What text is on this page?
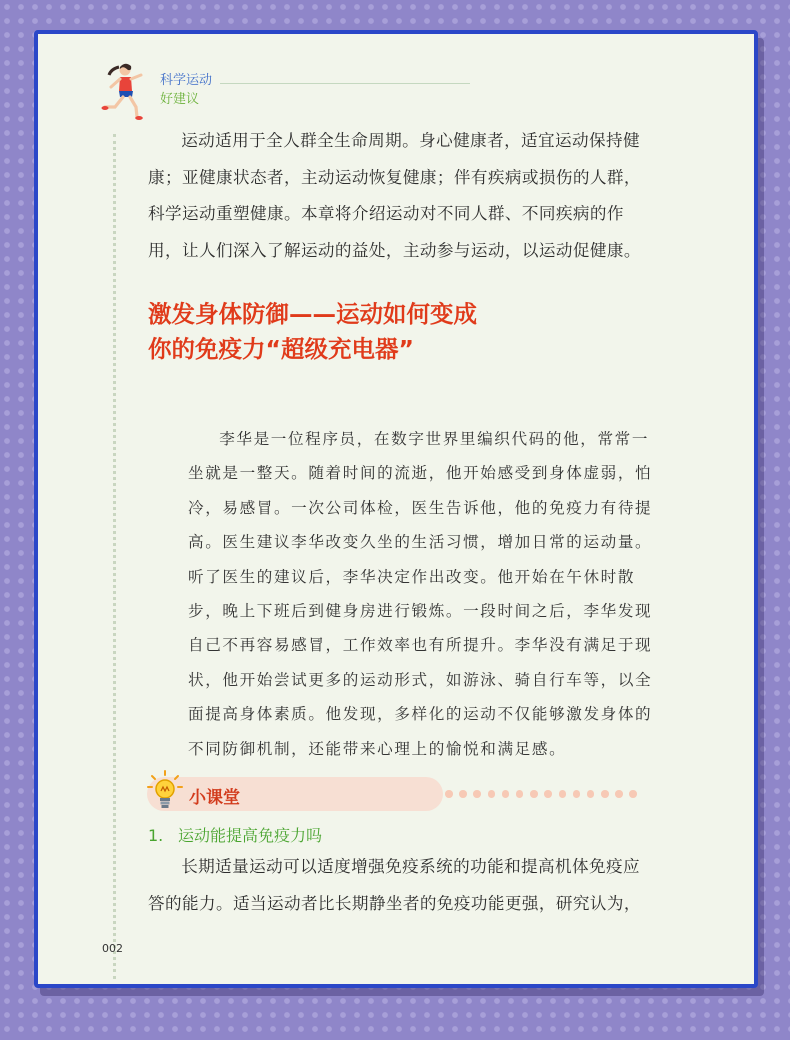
科学运动
好建议

运动适用于全人群全生命周期。身心健康者，适宜运动保持健康；亚健康状态者，主动运动恢复健康；伴有疾病或损伤的人群，科学运动重塑健康。本章将介绍运动对不同人群、不同疾病的作用，让人们深入了解运动的益处，主动参与运动，以运动促健康。

激发身体防御——运动如何变成
你的免疫力“超级充电器”

李华是一位程序员，在数字世界里编织代码的他，常常一坐就是一整天。随着时间的流逝，他开始感受到身体虚弱，怕冷，易感冒。一次公司体检，医生告诉他，他的免疫力有待提高。医生建议李华改变久坐的生活习惯，增加日常的运动量。听了医生的建议后，李华决定作出改变。他开始在午休时散步，晚上下班后到健身房进行锻炼。一段时间之后，李华发现自己不再容易感冒，工作效率也有所提升。李华没有满足于现状，他开始尝试更多的运动形式，如游泳、骑自行车等，以全面提高身体素质。他发现，多样化的运动不仅能够激发身体的不同防御机制，还能带来心理上的愉悦和满足感。

小课堂
1. 运动能提高免疫力吗

长期适量运动可以适度增强免疫系统的功能和提高机体免疫应答的能力。适当运动者比长期静坐者的免疫功能更强，研究认为，

002
